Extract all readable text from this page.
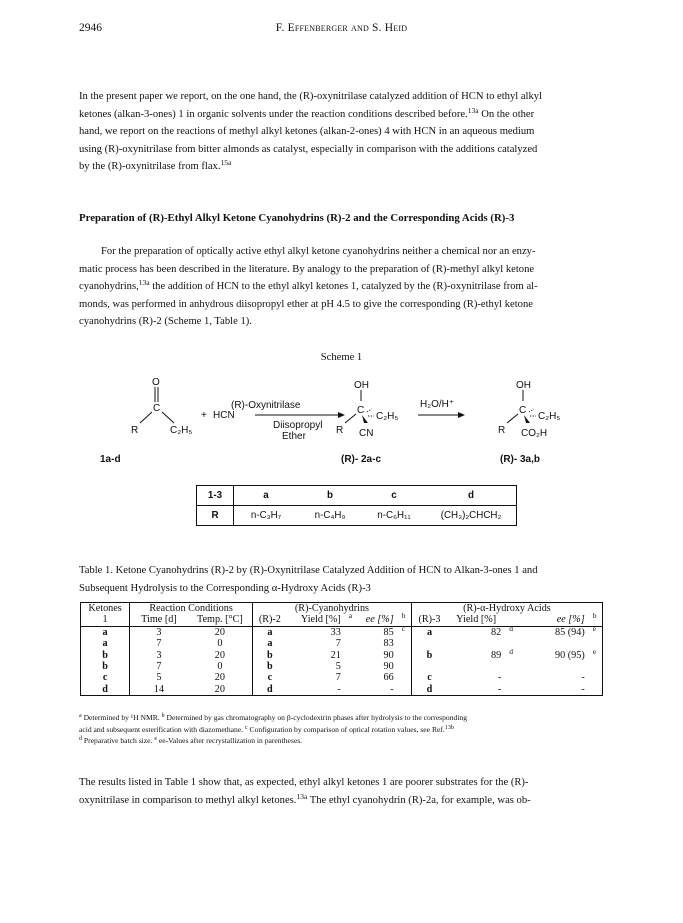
2946	F. Effenberger and S. Heid

In the present paper we report, on the one hand, the (R)-oxynitrilase catalyzed addition of HCN to ethyl alkyl
ketones (alkan-3-ones) 1 in organic solvents under the reaction conditions described before.$^{13a}$ On the other
hand, we report on the reactions of methyl alkyl ketones (alkan-2-ones) 4 with HCN in an aqueous medium
using (R)-oxynitrilase from bitter almonds as catalyst, especially in comparison with the additions catalyzed
by the (R)-oxynitrilase from flax.$^{15a}$

Preparation of (R)-Ethyl Alkyl Ketone Cyanohydrins (R)-2 and the Corresponding Acids (R)-3

For the preparation of optically active ethyl alkyl ketone cyanohydrins neither a chemical nor an enzy-
matic process has been described in the literature. By analogy to the preparation of (R)-methyl alkyl ketone
cyanohydrins,$^{13a}$ the addition of HCN to the ethyl alkyl ketones 1, catalyzed by the (R)-oxynitrilase from al-
monds, was performed in anhydrous diisopropyl ether at pH 4.5 to give the corresponding (R)-ethyl ketone
cyanohydrins (R)-2 (Scheme 1, Table 1).

Scheme 1
O
C
R	C₂H₅
+ HCN
(R)-Oxynitrilase
Diisopropyl
Ether
OH
C
R
C₂H₅
CN
H₂O/H⁺
OH
C
R
C₂H₅
CO₂H
1a-d	(R)- 2a-c	(R)- 3a,b
1-3	a	b	c	d
R	n-C₃H₇	n-C₄H₉	n-C₆H₁₁	(CH₃)₂CHCH₂

Table 1. Ketone Cyanohydrins (R)-2 by (R)-Oxynitrilase Catalyzed Addition of HCN to Alkan-3-ones 1 and
Subsequent Hydrolysis to the Corresponding α-Hydroxy Acids (R)-3

Ketones	Reaction Conditions		(R)-Cyanohydrins					(R)-α-Hydroxy Acids				
1	Time [d]	Temp. [°C]	(R)-2	Yield [%]	$^a$	ee [%]	$^b$	(R)-3	Yield [%]		ee [%]	$^b$
a	3	20	a	33		85	$^c$	a	82	$^d$	85 (94)	$^e$
a	7	0	a	7		83						
b	3	20	b	21		90		b	89	$^d$	90 (95)	$^e$
b	7	0	b	5		90						
c	5	20	c	7		66		c	-		-	
d	14	20	d	-		-		d	-		-	

$^a$ Determined by ¹H NMR. $^b$ Determined by gas chromatography on β-cyclodextrin phases after hydrolysis to the corresponding
acid and subsequent esterification with diazomethane. $^c$ Configuration by comparison of optical rotation values, see Ref.$^{13b}$
$^d$ Preparative batch size. $^e$ ee-Values after recrystallization in parentheses.

The results listed in Table 1 show that, as expected, ethyl alkyl ketones 1 are poorer substrates for the (R)-
oxynitrilase in comparison to methyl alkyl ketones.$^{13a}$ The ethyl cyanohydrin (R)-2a, for example, was ob-
